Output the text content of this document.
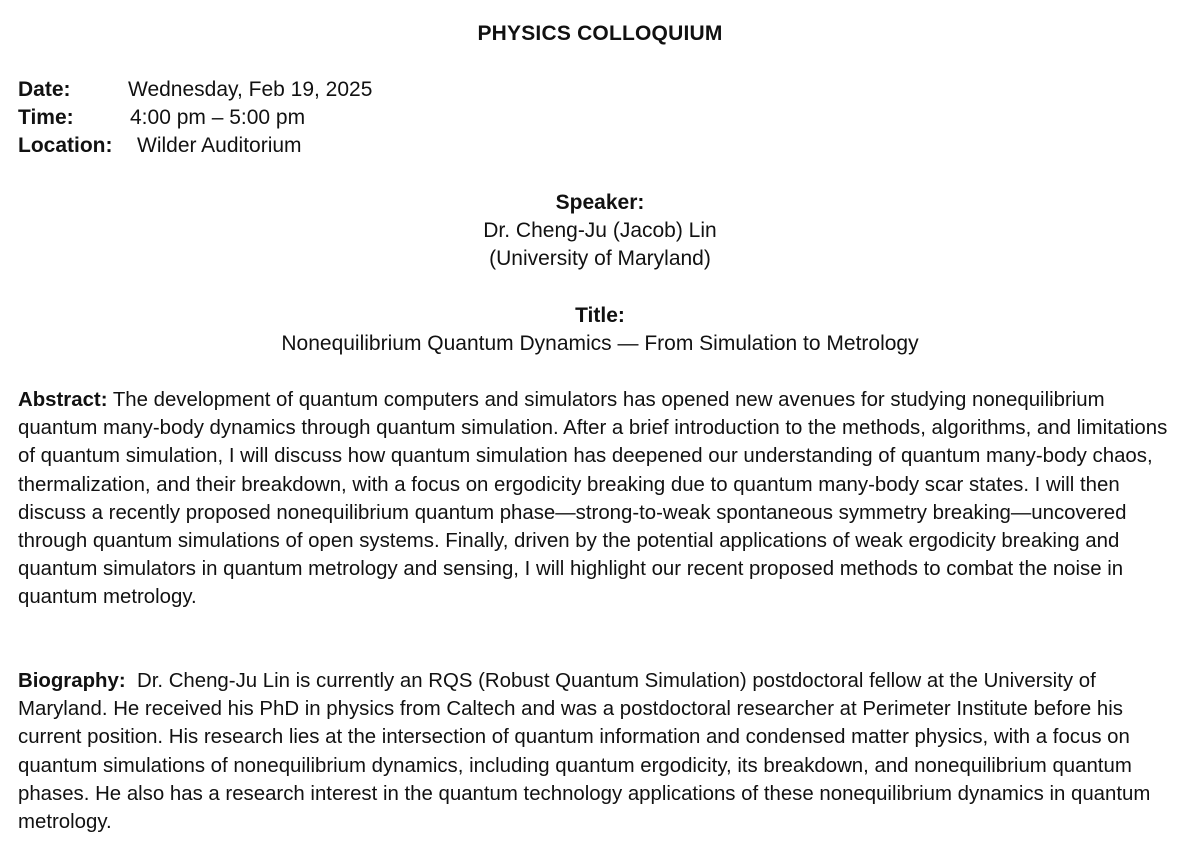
PHYSICS COLLOQUIUM
Date:	Wednesday, Feb 19, 2025
Time:	4:00 pm – 5:00 pm
Location: Wilder Auditorium
Speaker:
Dr. Cheng-Ju (Jacob) Lin
(University of Maryland)
Title:
Nonequilibrium Quantum Dynamics — From Simulation to Metrology
Abstract: The development of quantum computers and simulators has opened new avenues for studying nonequilibrium quantum many-body dynamics through quantum simulation. After a brief introduction to the methods, algorithms, and limitations of quantum simulation, I will discuss how quantum simulation has deepened our understanding of quantum many-body chaos, thermalization, and their breakdown, with a focus on ergodicity breaking due to quantum many-body scar states. I will then discuss a recently proposed nonequilibrium quantum phase—strong-to-weak spontaneous symmetry breaking—uncovered through quantum simulations of open systems. Finally, driven by the potential applications of weak ergodicity breaking and quantum simulators in quantum metrology and sensing, I will highlight our recent proposed methods to combat the noise in quantum metrology.
Biography: Dr. Cheng-Ju Lin is currently an RQS (Robust Quantum Simulation) postdoctoral fellow at the University of Maryland. He received his PhD in physics from Caltech and was a postdoctoral researcher at Perimeter Institute before his current position. His research lies at the intersection of quantum information and condensed matter physics, with a focus on quantum simulations of nonequilibrium dynamics, including quantum ergodicity, its breakdown, and nonequilibrium quantum phases. He also has a research interest in the quantum technology applications of these nonequilibrium dynamics in quantum metrology.
